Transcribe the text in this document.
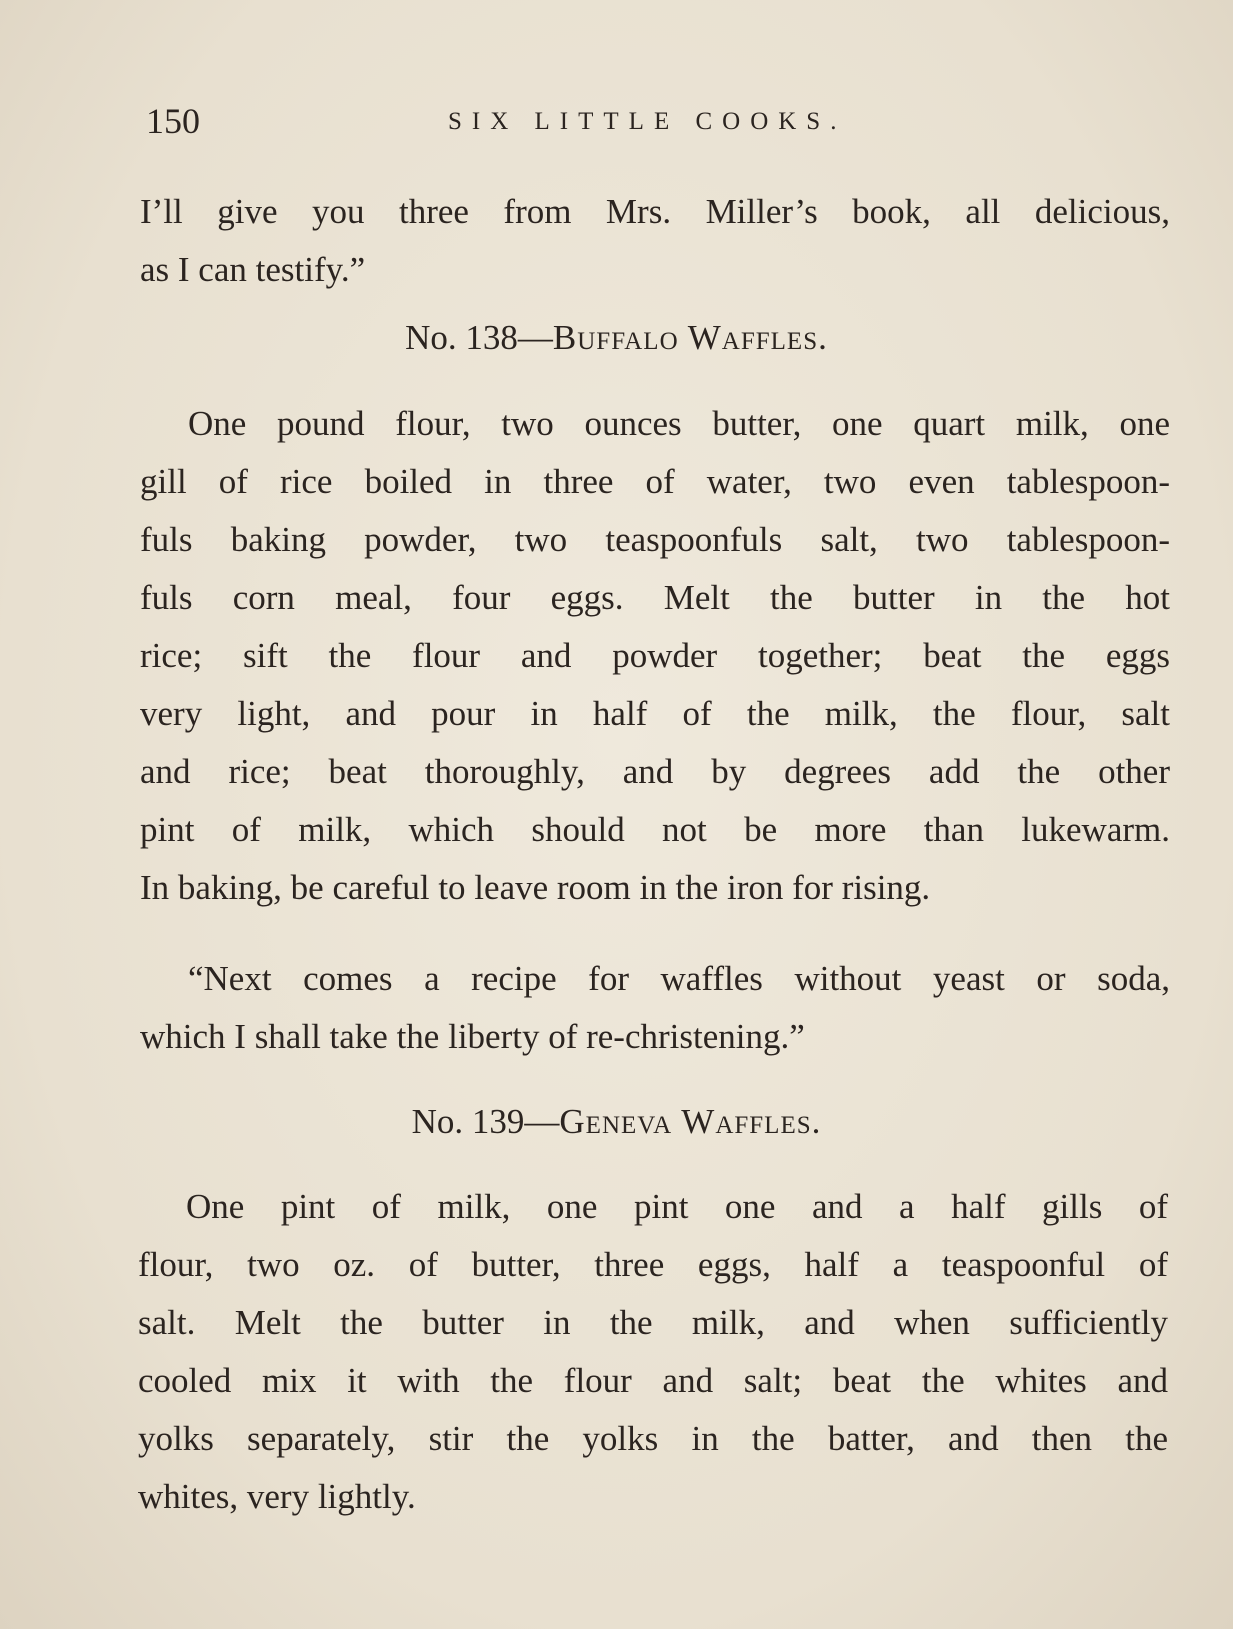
150	SIX LITTLE COOKS.
I’ll give you three from Mrs. Miller’s book, all delicious,
as I can testify.”
No. 138—Buffalo Waffles.
One pound flour, two ounces butter, one quart milk, one
gill of rice boiled in three of water, two even tablespoon-
fuls baking powder, two teaspoonfuls salt, two tablespoon-
fuls corn meal, four eggs. Melt the butter in the hot
rice; sift the flour and powder together; beat the eggs
very light, and pour in half of the milk, the flour, salt
and rice; beat thoroughly, and by degrees add the other
pint of milk, which should not be more than lukewarm.
In baking, be careful to leave room in the iron for rising.
“Next comes a recipe for waffles without yeast or soda,
which I shall take the liberty of re-christening.”
No. 139—Geneva Waffles.
One pint of milk, one pint one and a half gills of
flour, two oz. of butter, three eggs, half a teaspoonful of
salt. Melt the butter in the milk, and when sufficiently
cooled mix it with the flour and salt; beat the whites and
yolks separately, stir the yolks in the batter, and then the
whites, very lightly.
